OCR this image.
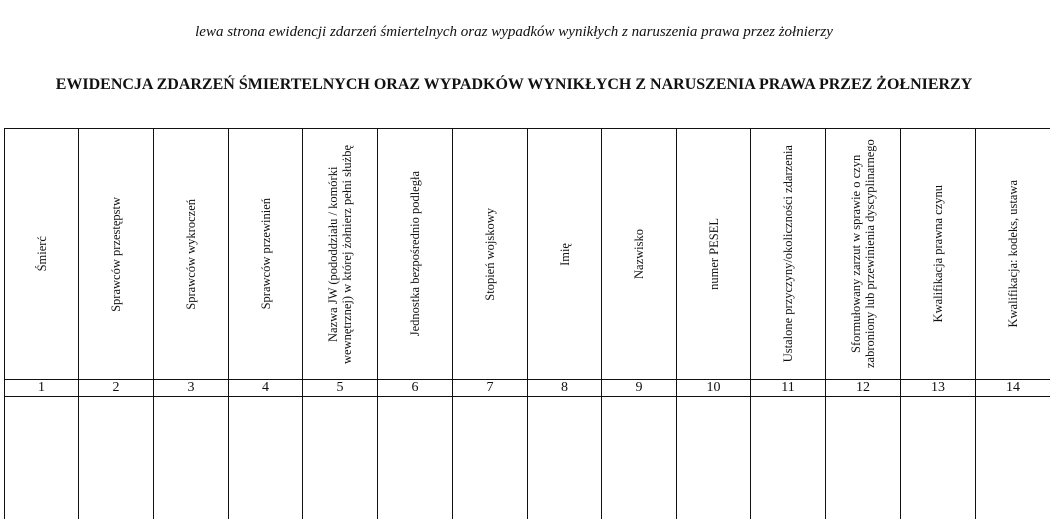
lewa strona ewidencji zdarzeń śmiertelnych oraz wypadków wynikłych z naruszenia prawa przez żołnierzy
EWIDENCJA ZDARZEŃ ŚMIERTELNYCH ORAZ WYPADKÓW WYNIKŁYCH Z NARUSZENIA PRAWA PRZEZ ŻOŁNIERZY
Śmierć	Sprawców przestępstw	Sprawców wykroczeń	Sprawców przewinień	Nazwa JW (pododdziału / komórki wewnętrznej) w której żołnierz pełni służbę	Jednostka bezpośrednio podległa	Stopień wojskowy	Imię	Nazwisko	numer PESEL	Ustalone przyczyny/okoliczności zdarzenia	Sformułowany zarzut w sprawie o czyn zabroniony lub przewinienia dyscyplinarnego	Kwalifikacja prawna czynu	Kwalifikacja: kodeks, ustawa

1	2	3	4	5	6	7	8	9	10	11	12	13	14
